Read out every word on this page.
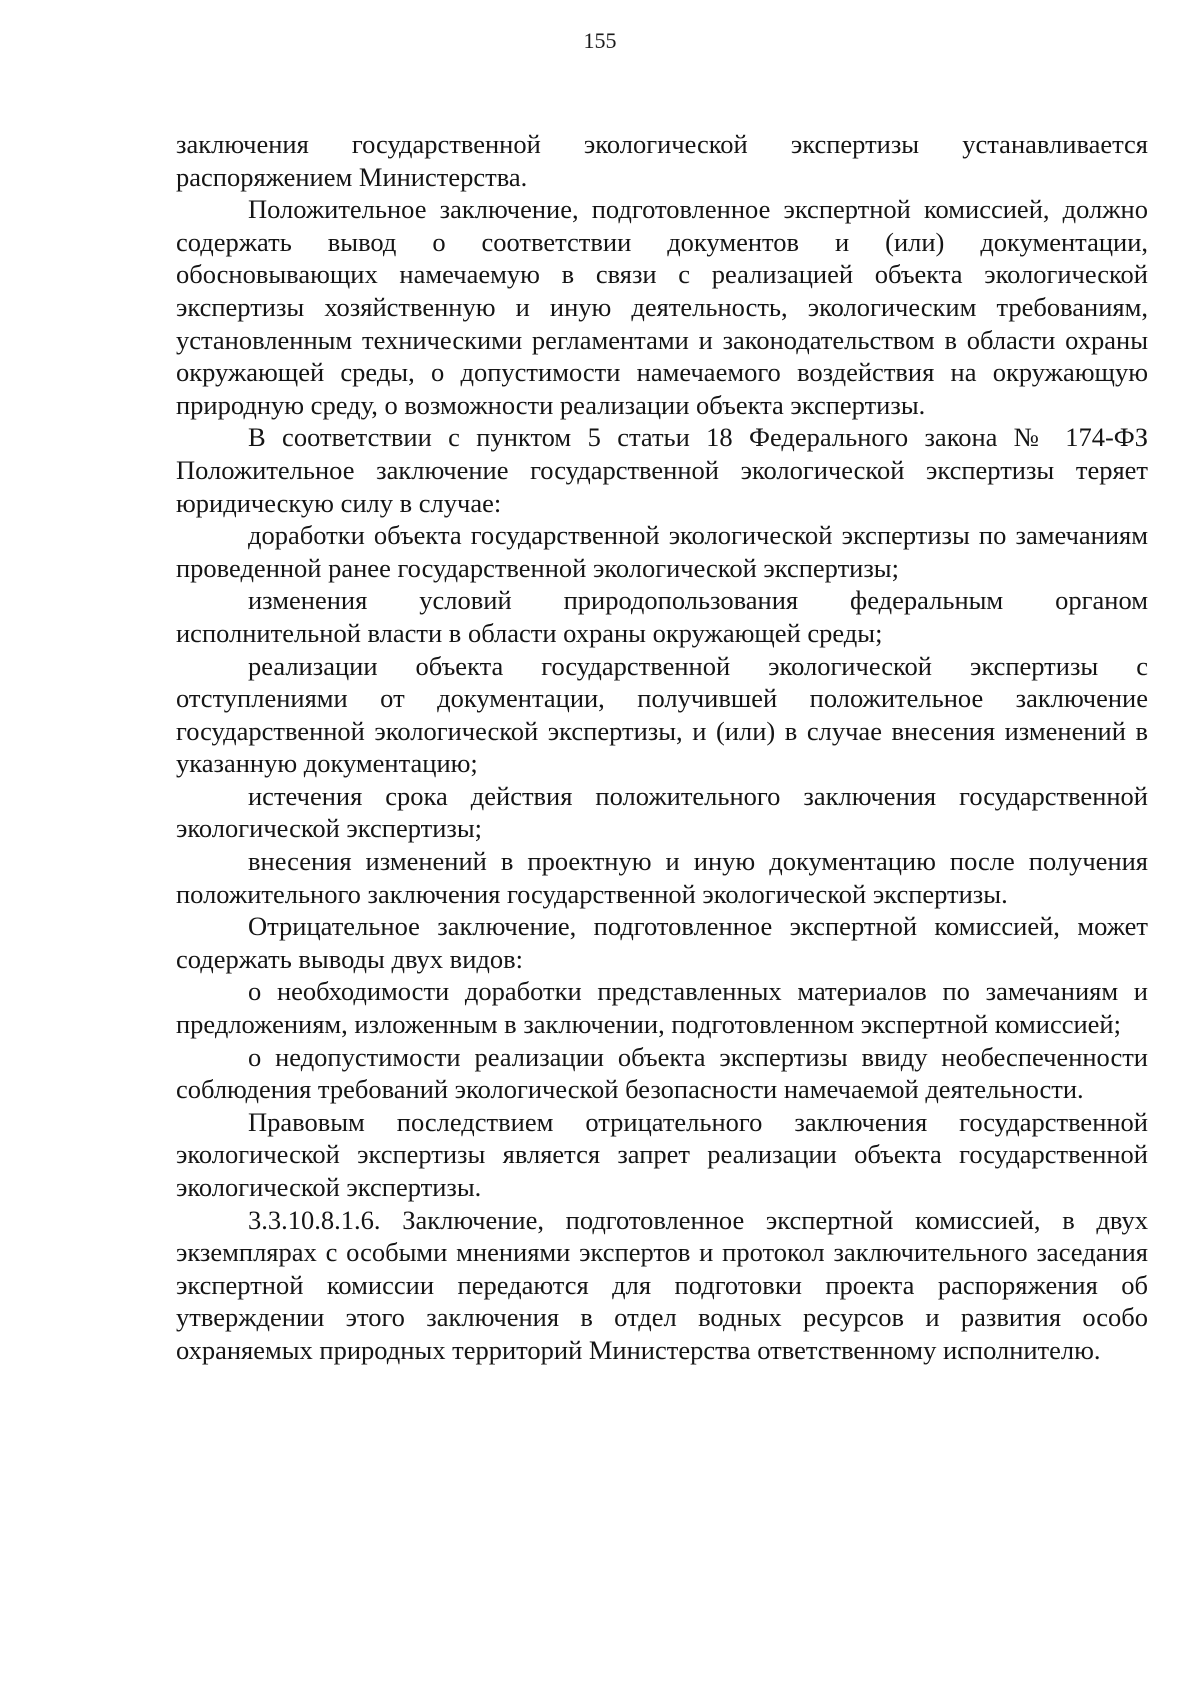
155

заключения государственной экологической экспертизы устанавливается распоряжением Министерства.

Положительное заключение, подготовленное экспертной комиссией, должно содержать вывод о соответствии документов и (или) документации, обосновывающих намечаемую в связи с реализацией объекта экологической экспертизы хозяйственную и иную деятельность, экологическим требованиям, установленным техническими регламентами и законодательством в области охраны окружающей среды, о допустимости намечаемого воздействия на окружающую природную среду, о возможности реализации объекта экспертизы.

В соответствии с пунктом 5 статьи 18 Федерального закона № 174-ФЗ Положительное заключение государственной экологической экспертизы теряет юридическую силу в случае:

доработки объекта государственной экологической экспертизы по замечаниям проведенной ранее государственной экологической экспертизы;

изменения условий природопользования федеральным органом исполнительной власти в области охраны окружающей среды;

реализации объекта государственной экологической экспертизы с отступлениями от документации, получившей положительное заключение государственной экологической экспертизы, и (или) в случае внесения изменений в указанную документацию;

истечения срока действия положительного заключения государственной экологической экспертизы;

внесения изменений в проектную и иную документацию после получения положительного заключения государственной экологической экспертизы.

Отрицательное заключение, подготовленное экспертной комиссией, может содержать выводы двух видов:

о необходимости доработки представленных материалов по замечаниям и предложениям, изложенным в заключении, подготовленном экспертной комиссией;

о недопустимости реализации объекта экспертизы ввиду необеспеченности соблюдения требований экологической безопасности намечаемой деятельности.

Правовым последствием отрицательного заключения государственной экологической экспертизы является запрет реализации объекта государственной экологической экспертизы.

3.3.10.8.1.6. Заключение, подготовленное экспертной комиссией, в двух экземплярах с особыми мнениями экспертов и протокол заключительного заседания экспертной комиссии передаются для подготовки проекта распоряжения об утверждении этого заключения в отдел водных ресурсов и развития особо охраняемых природных территорий Министерства ответственному исполнителю.
